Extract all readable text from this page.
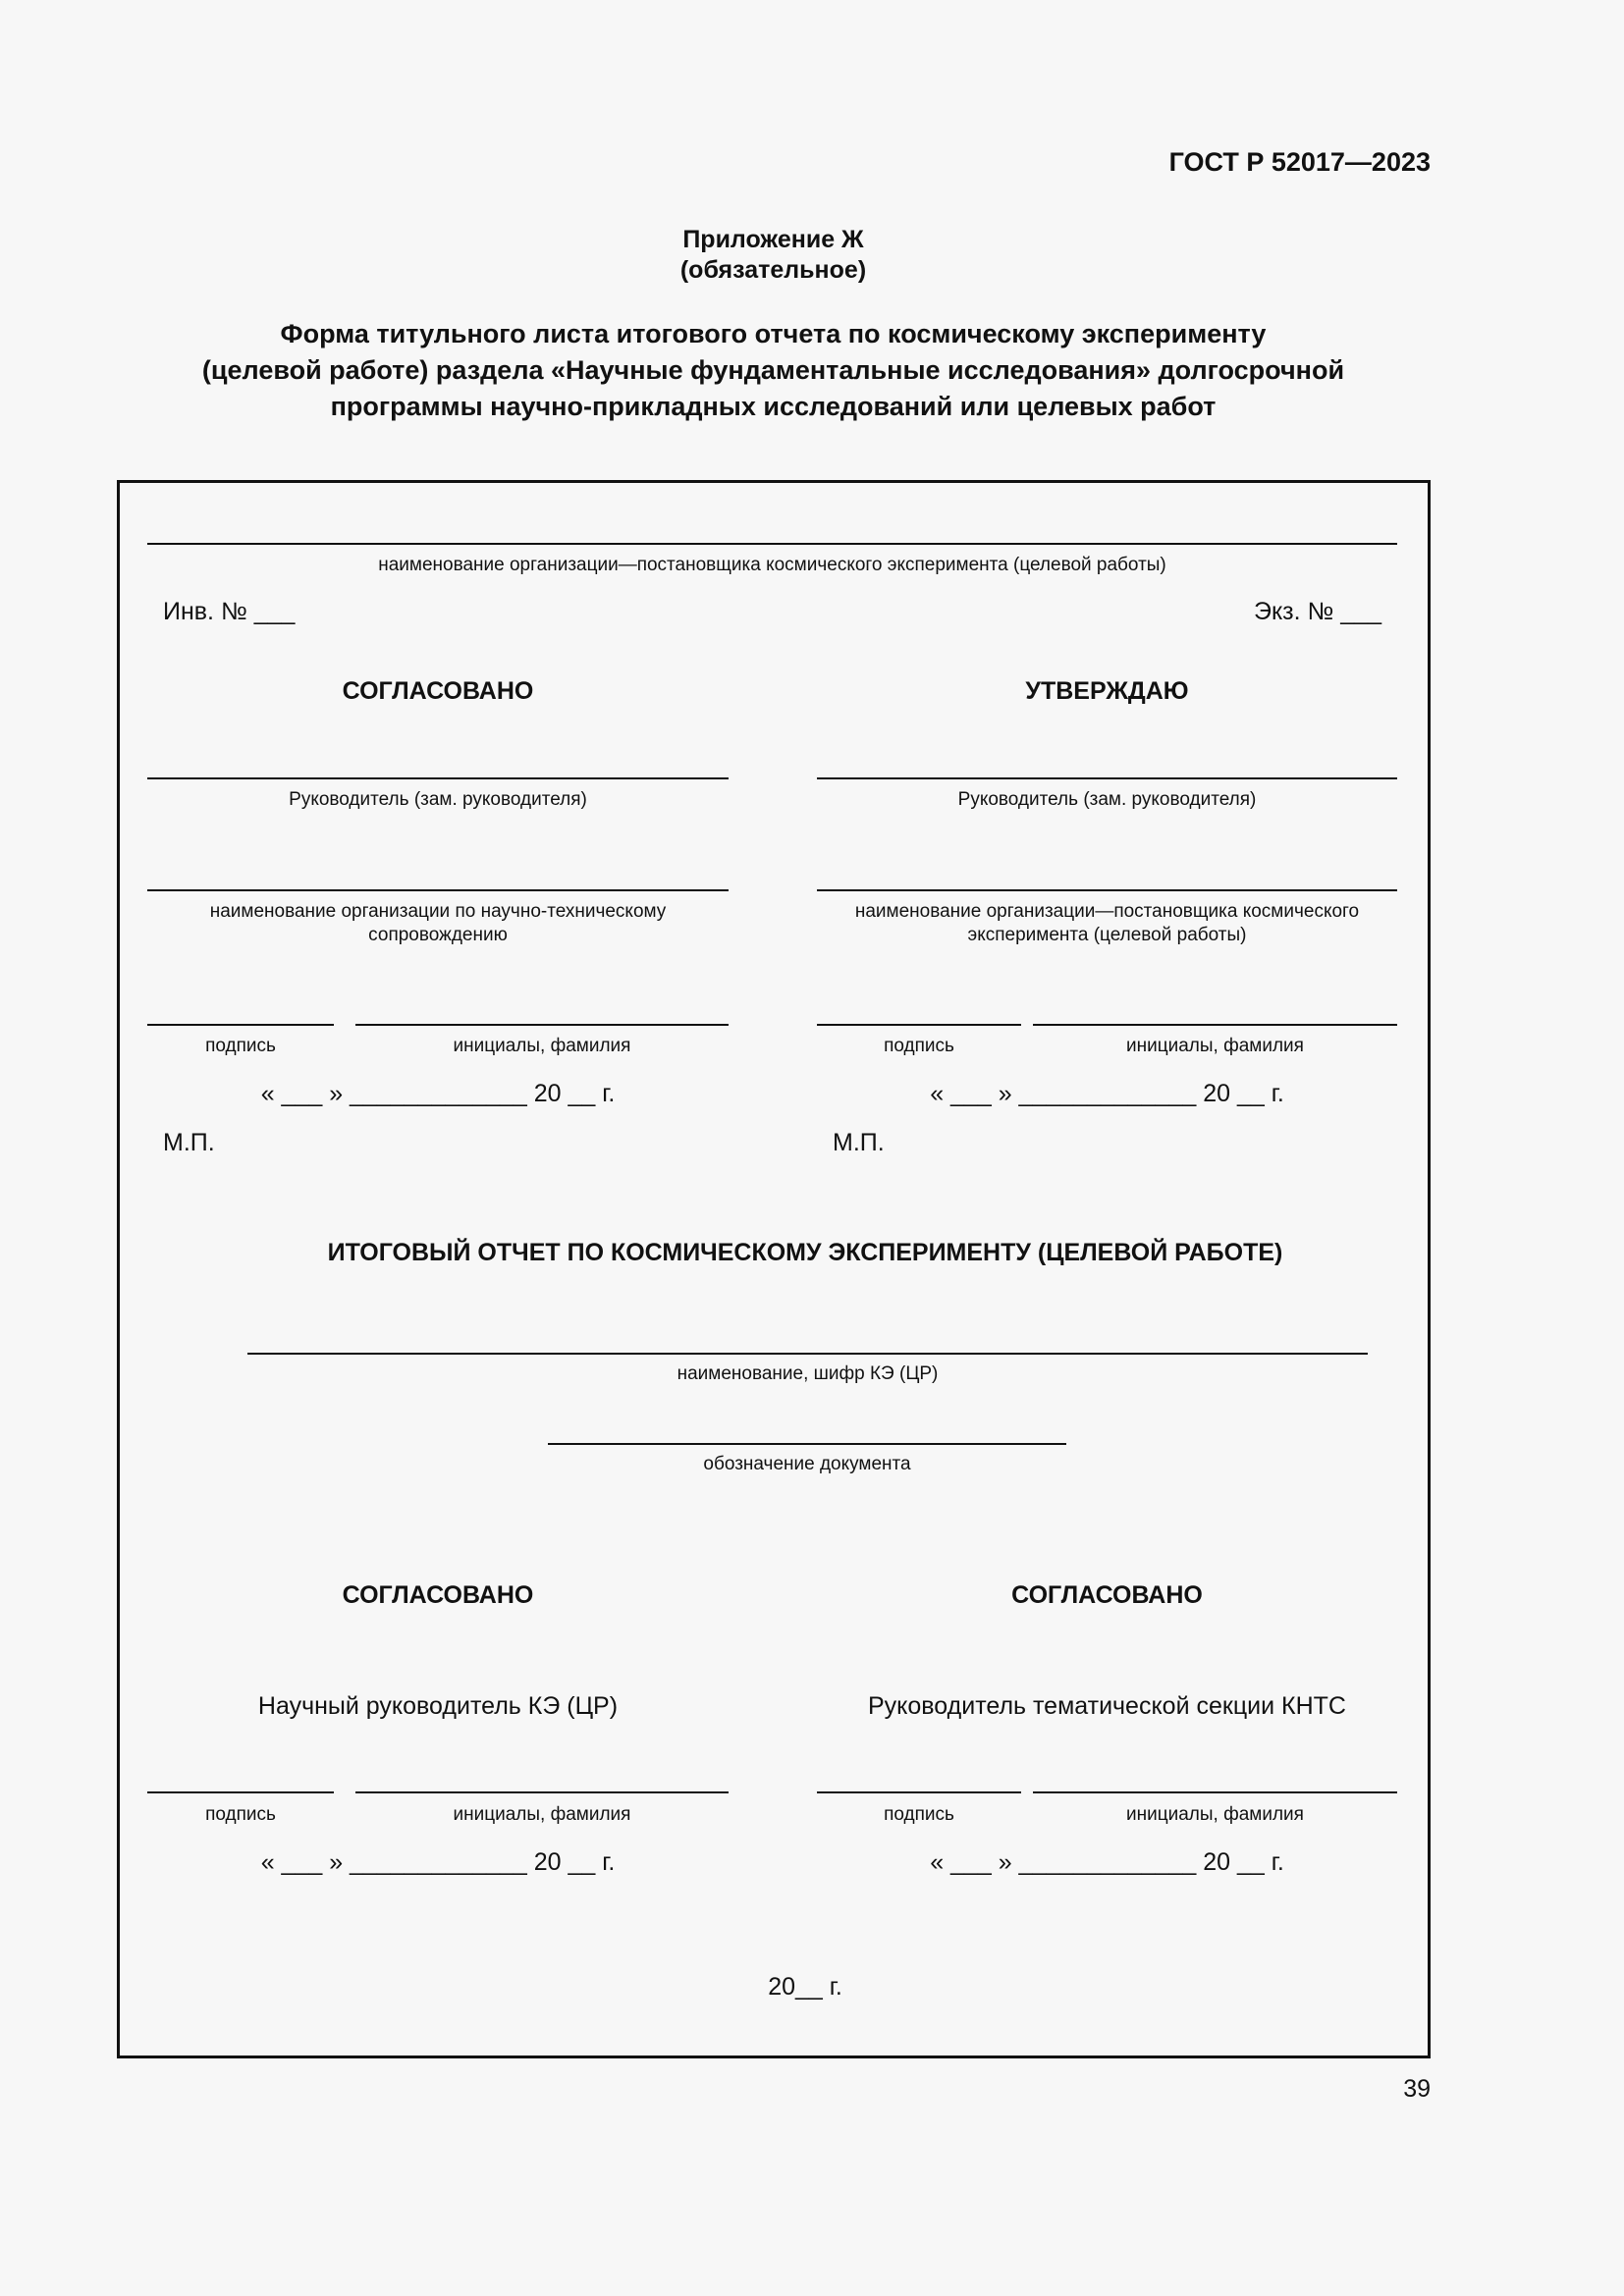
ГОСТ Р 52017—2023
Приложение Ж
(обязательное)
Форма титульного листа итогового отчета по космическому эксперименту
(целевой работе) раздела «Научные фундаментальные исследования» долгосрочной
программы научно-прикладных исследований или целевых работ
наименование организации—постановщика космического эксперимента (целевой работы)
Инв. № ___	Экз. № ___
СОГЛАСОВАНО
Руководитель (зам. руководителя)
наименование организации по научно-техническому
сопровождению
подпись	инициалы, фамилия
« ___ » _____________ 20 __ г.
М.П.
УТВЕРЖДАЮ
Руководитель (зам. руководителя)
наименование организации—постановщика космического
эксперимента (целевой работы)
подпись	инициалы, фамилия
« ___ » _____________ 20 __ г.
М.П.
ИТОГОВЫЙ ОТЧЕТ ПО КОСМИЧЕСКОМУ ЭКСПЕРИМЕНТУ (ЦЕЛЕВОЙ РАБОТЕ)
наименование, шифр КЭ (ЦР)
обозначение документа
СОГЛАСОВАНО
Научный руководитель КЭ (ЦР)
подпись	инициалы, фамилия
« ___ » _____________ 20 __ г.
СОГЛАСОВАНО
Руководитель тематической секции КНТС
подпись	инициалы, фамилия
« ___ » _____________ 20 __ г.
20__ г.
39
